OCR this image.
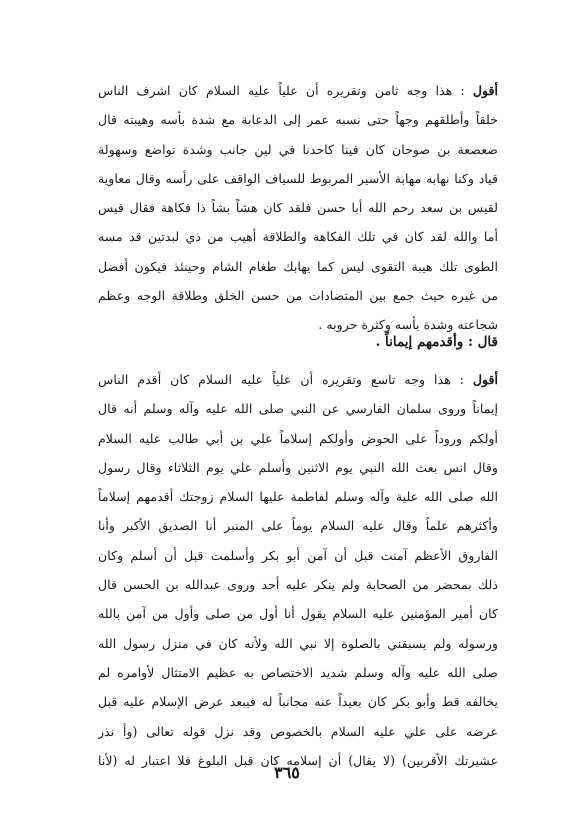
أقول : هذا وجه ثامن وتقريره أن علياً عليه السلام كان اشرف الناس
خلقاً وأطلقهم وجهاً حتى نسبه عمر إلى الدعابة مع شدة بأسه وهيبته قال
صعصعة بن صوحان كان فينا كاحدنا في لين جانب وشدة تواضع وسهولة
قياد وكنا نهابه مهابة الأسير المربوط للسياف الواقف على رأسه وقال معاوية
لقيس بن سعد رحم الله أبا حسن فلقد كان هشاً بشاً ذا فكاهة فقال قيس
أما والله لقد كان في تلك الفكاهة والطلاقة أهيب من ذي لبدتين قد مسه
الطوى تلك هيبة التقوى ليس كما يهابك طغام الشام وحينئذ فيكون أفضل
من غيره حيث جمع بين المتضادات من حسن الخلق وطلاقة الوجه وعظم
شجاعته وشدة بأسه وكثرة حروبه .
قال : وأقدمهم إيماناً .
أقول : هذا وجه تاسع وتقريره أن علياً عليه السلام كان أقدم الناس
إيماناً وروى سلمان الفارسي عن النبي صلى الله عليه وآله وسلم أنه قال
أولكم وروداً على الحوض وأولكم إسلاماً علي بن أبي طالب عليه السلام
وقال انس بعث الله النبي يوم الاثنين وأسلم علي يوم الثلاثاء وقال رسول
الله صلى الله علية وآله وسلم لفاطمة عليها السلام زوجتك أقدمهم إسلاماً
وأكثرهم علماً وقال عليه السلام يوماً على المنبر أنا الصديق الأكبر وأنا
الفاروق الأعظم آمنت قبل أن آمن أبو بكر وأسلمت قبل أن أسلم وكان
ذلك بمحضر من الصحابة ولم ينكر عليه أحد وروى عبدالله بن الحسن قال
كان أمير المؤمنين عليه السلام يقول أنا أول من صلى وأول من آمن بالله
ورسوله ولم يسبقني بالصلوة إلا نبي الله ولأنه كان في منزل رسول الله
صلى الله عليه وآله وسلم شديد الاختصاص به عظيم الامتثال لأوامره لم
يخالفه قط وأبو بكر كان بعيداً عنه مجانباً له فيبعد عرض الإسلام عليه قبل
عرضه على علي عليه السلام بالخصوص وقد نزل قوله تعالى (وأ نذر
عشيرتك الأقربين) (لا يقال) أن إسلامه كان قبل البلوغ فلا اعتبار له (لأنا
٣٦٥
